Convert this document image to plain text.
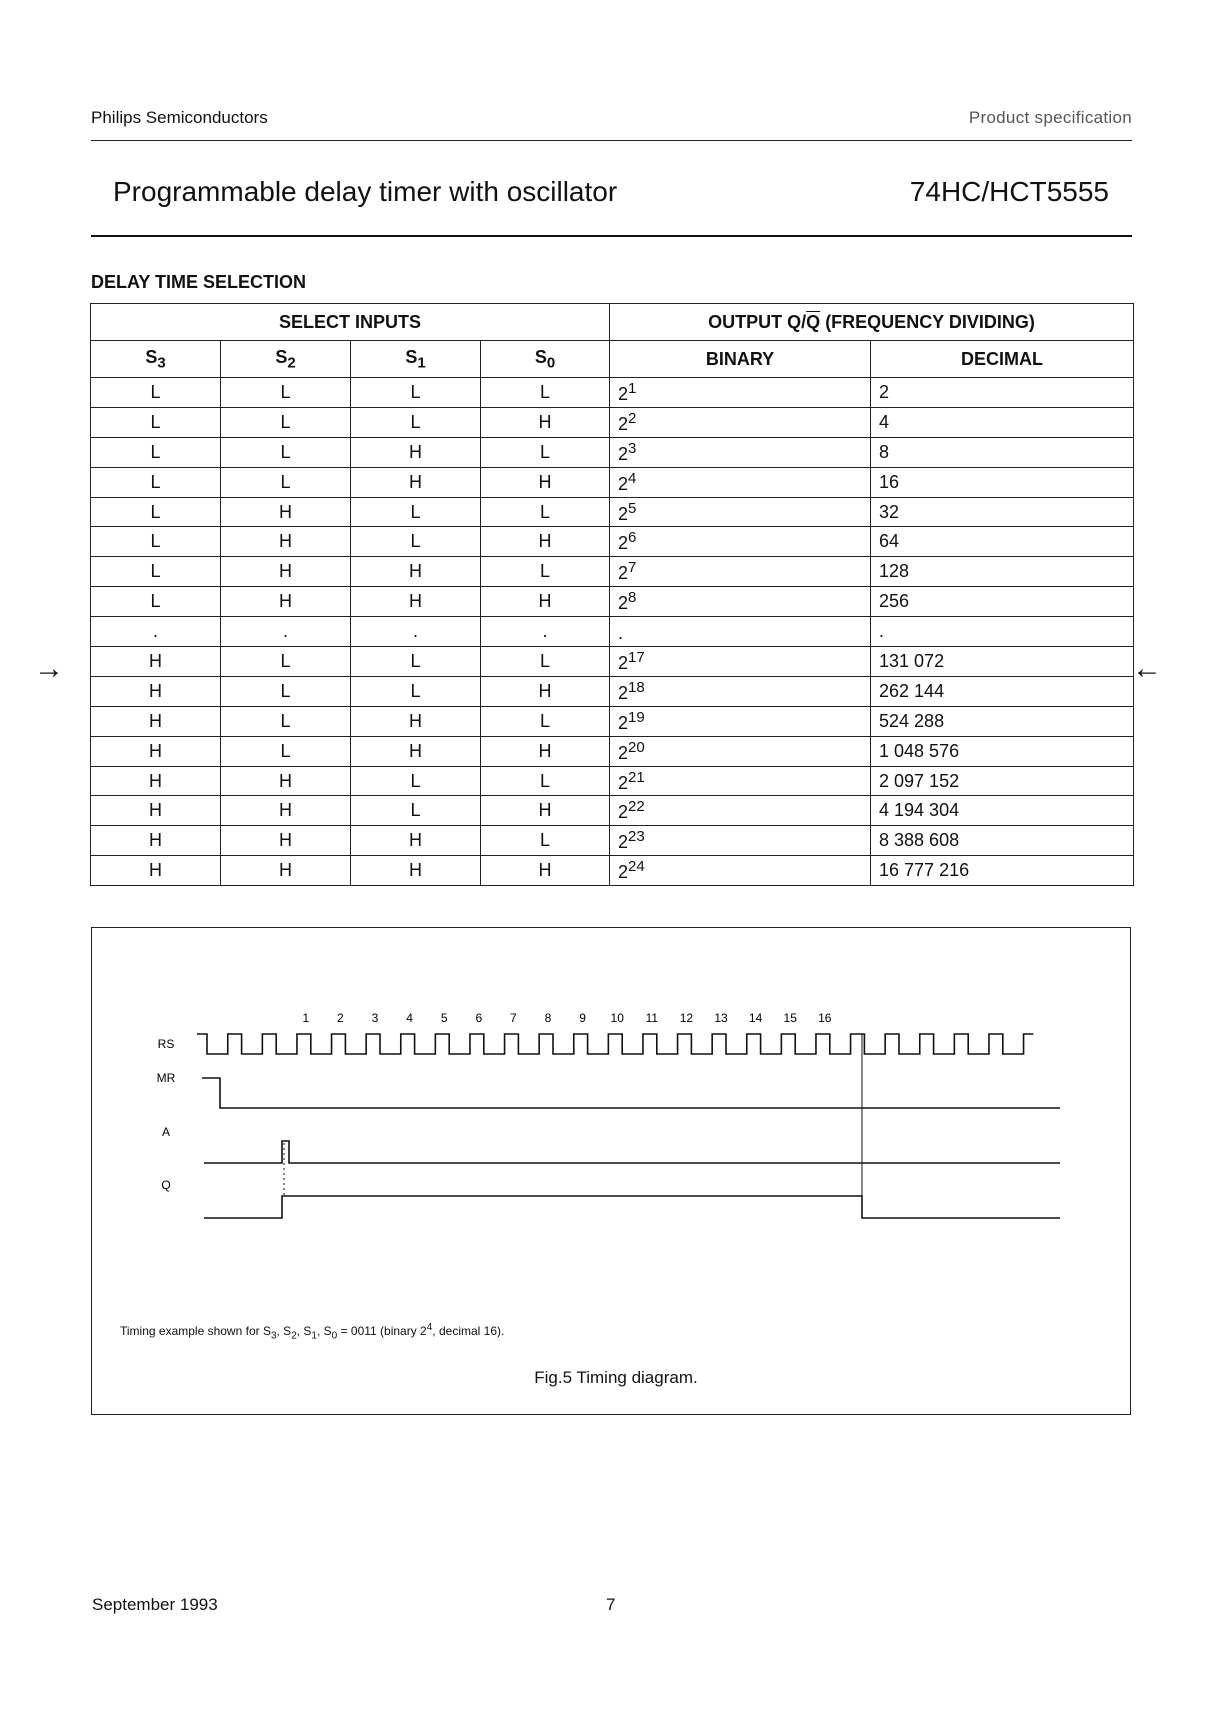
Philips Semiconductors	Product specification
Programmable delay timer with oscillator	74HC/HCT5555
DELAY TIME SELECTION
SELECT INPUTS				OUTPUT $Q/\overline{Q}$ (FREQUENCY DIVIDING)	
$S_3$	$S_2$	$S_1$	$S_0$	BINARY	DECIMAL
L	L	L	L	$2^1$	2
L	L	L	H	$2^2$	4
L	L	H	L	$2^3$	8
L	L	H	H	$2^4$	16
L	H	L	L	$2^5$	32
L	H	L	H	$2^6$	64
L	H	H	L	$2^7$	128
L	H	H	H	$2^8$	256
.	.	.	.	.	.
H	L	L	L	$2^{17}$	131 072
H	L	L	H	$2^{18}$	262 144
H	L	H	L	$2^{19}$	524 288
H	L	H	H	$2^{20}$	1 048 576
H	H	L	L	$2^{21}$	2 097 152
H	H	L	H	$2^{22}$	4 194 304
H	H	H	L	$2^{23}$	8 388 608
H	H	H	H	$2^{24}$	16 777 216
→	←
1 2 3 4 5 6 7 8 9 10 11 12 13 14 15 16
RS
MR
A
Q
Timing example shown for $S_3$, $S_2$, $S_1$, $S_0 = 0011$ (binary $2^4$, decimal 16).
Fig.5 Timing diagram.
September 1993	7
